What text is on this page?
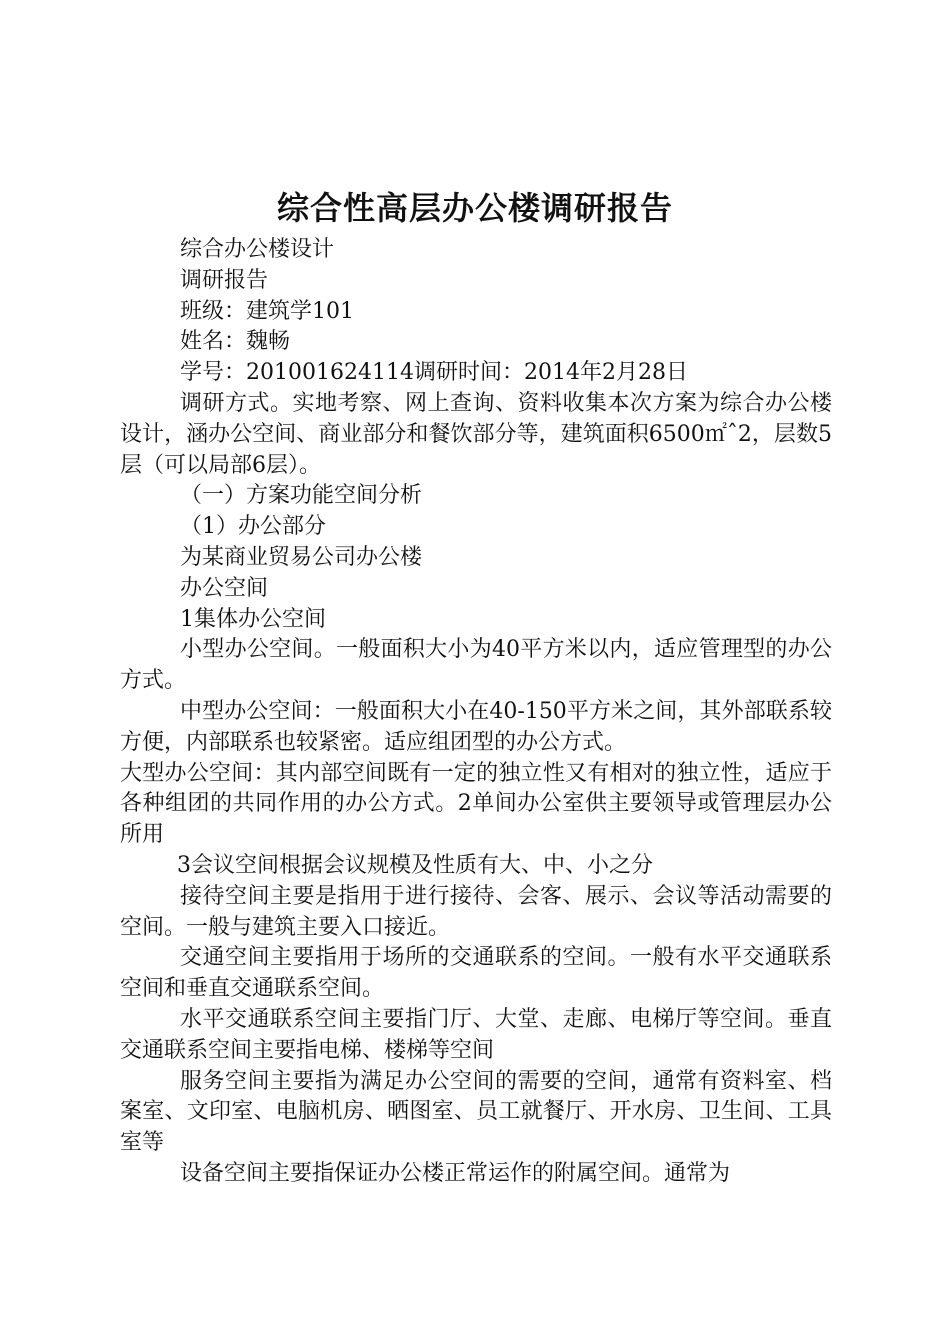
综合性高层办公楼调研报告

综合办公楼设计

调研报告

班级：建筑学101

姓名：魏畅

学号：201001624114调研时间：2014年2月28日

调研方式。实地考察、网上查询、资料收集本次方案为综合办公楼设计，涵办公空间、商业部分和餐饮部分等，建筑面积6500㎡ˆ2，层数5层（可以局部6层）。

（一）方案功能空间分析

（1）办公部分

为某商业贸易公司办公楼

办公空间

1集体办公空间

小型办公空间。一般面积大小为40平方米以内，适应管理型的办公方式。

中型办公空间：一般面积大小在40-150平方米之间，其外部联系较方便，内部联系也较紧密。适应组团型的办公方式。

大型办公空间：其内部空间既有一定的独立性又有相对的独立性，适应于各种组团的共同作用的办公方式。2单间办公室供主要领导或管理层办公所用

3会议空间根据会议规模及性质有大、中、小之分

接待空间主要是指用于进行接待、会客、展示、会议等活动需要的空间。一般与建筑主要入口接近。

交通空间主要指用于场所的交通联系的空间。一般有水平交通联系空间和垂直交通联系空间。

水平交通联系空间主要指门厅、大堂、走廊、电梯厅等空间。垂直交通联系空间主要指电梯、楼梯等空间

服务空间主要指为满足办公空间的需要的空间，通常有资料室、档案室、文印室、电脑机房、晒图室、员工就餐厅、开水房、卫生间、工具室等

设备空间主要指保证办公楼正常运作的附属空间。通常为
